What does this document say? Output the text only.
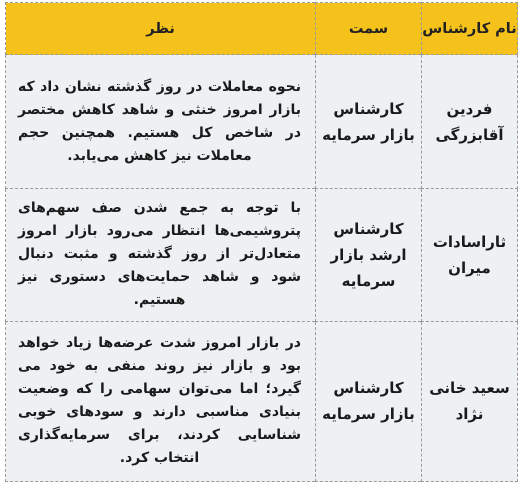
نام کارشناس	سمت	نظر
فردین آقابزرگی	کارشناس بازار سرمایه	نحوه معاملات در روز گذشته نشان داد که بازار امروز خنثی و شاهد کاهش مختصر در شاخص کل هستیم. همچنین حجم معاملات نیز کاهش می‌یابد.
ثاراسادات میران	کارشناس ارشد بازار سرمایه	با توجه به جمع شدن صف سهم‌های پتروشیمی‌ها انتظار می‌رود بازار امروز متعادل‌تر از روز گذشته و مثبت دنبال شود و شاهد حمایت‌های دستوری نیز هستیم.
سعید خانی نژاد	کارشناس بازار سرمایه	در بازار امروز شدت عرضه‌ها زیاد خواهد بود و بازار نیز روند منفی به خود می گیرد؛ اما می‌توان سهامی را که وضعیت بنیادی مناسبی دارند و سودهای خوبی شناسایی کردند، برای سرمایه‌گذاری انتخاب کرد.
